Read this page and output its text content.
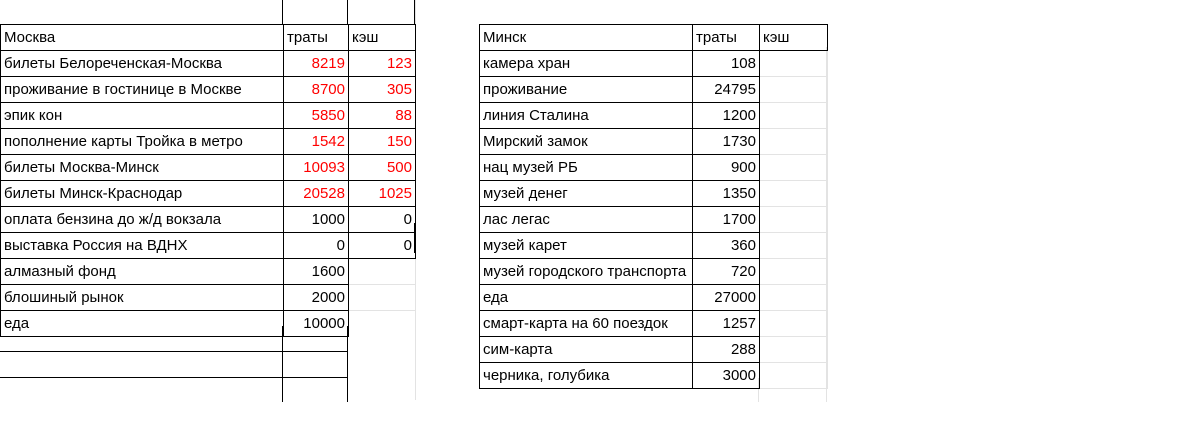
Москва	траты	кэш
билеты Белореченская-Москва	8219	123
проживание в гостинице в Москве	8700	305
эпик кон	5850	88
пополнение карты Тройка в метро	1542	150
билеты Москва-Минск	10093	500
билеты Минск-Краснодар	20528	1025
оплата бензина до ж/д вокзала	1000	0
выставка Россия на ВДНХ	0	0
алмазный фонд	1600	
блошиный рынок	2000	
еда	10000	
Минск	траты	кэш
камера хран	108	
проживание	24795	
линия Сталина	1200	
Мирский замок	1730	
нац музей РБ	900	
музей денег	1350	
лас легас	1700	
музей карет	360	
музей городского транспорта	720	
еда	27000	
смарт-карта на 60 поездок	1257	
сим-карта	288	
черника, голубика	3000	
